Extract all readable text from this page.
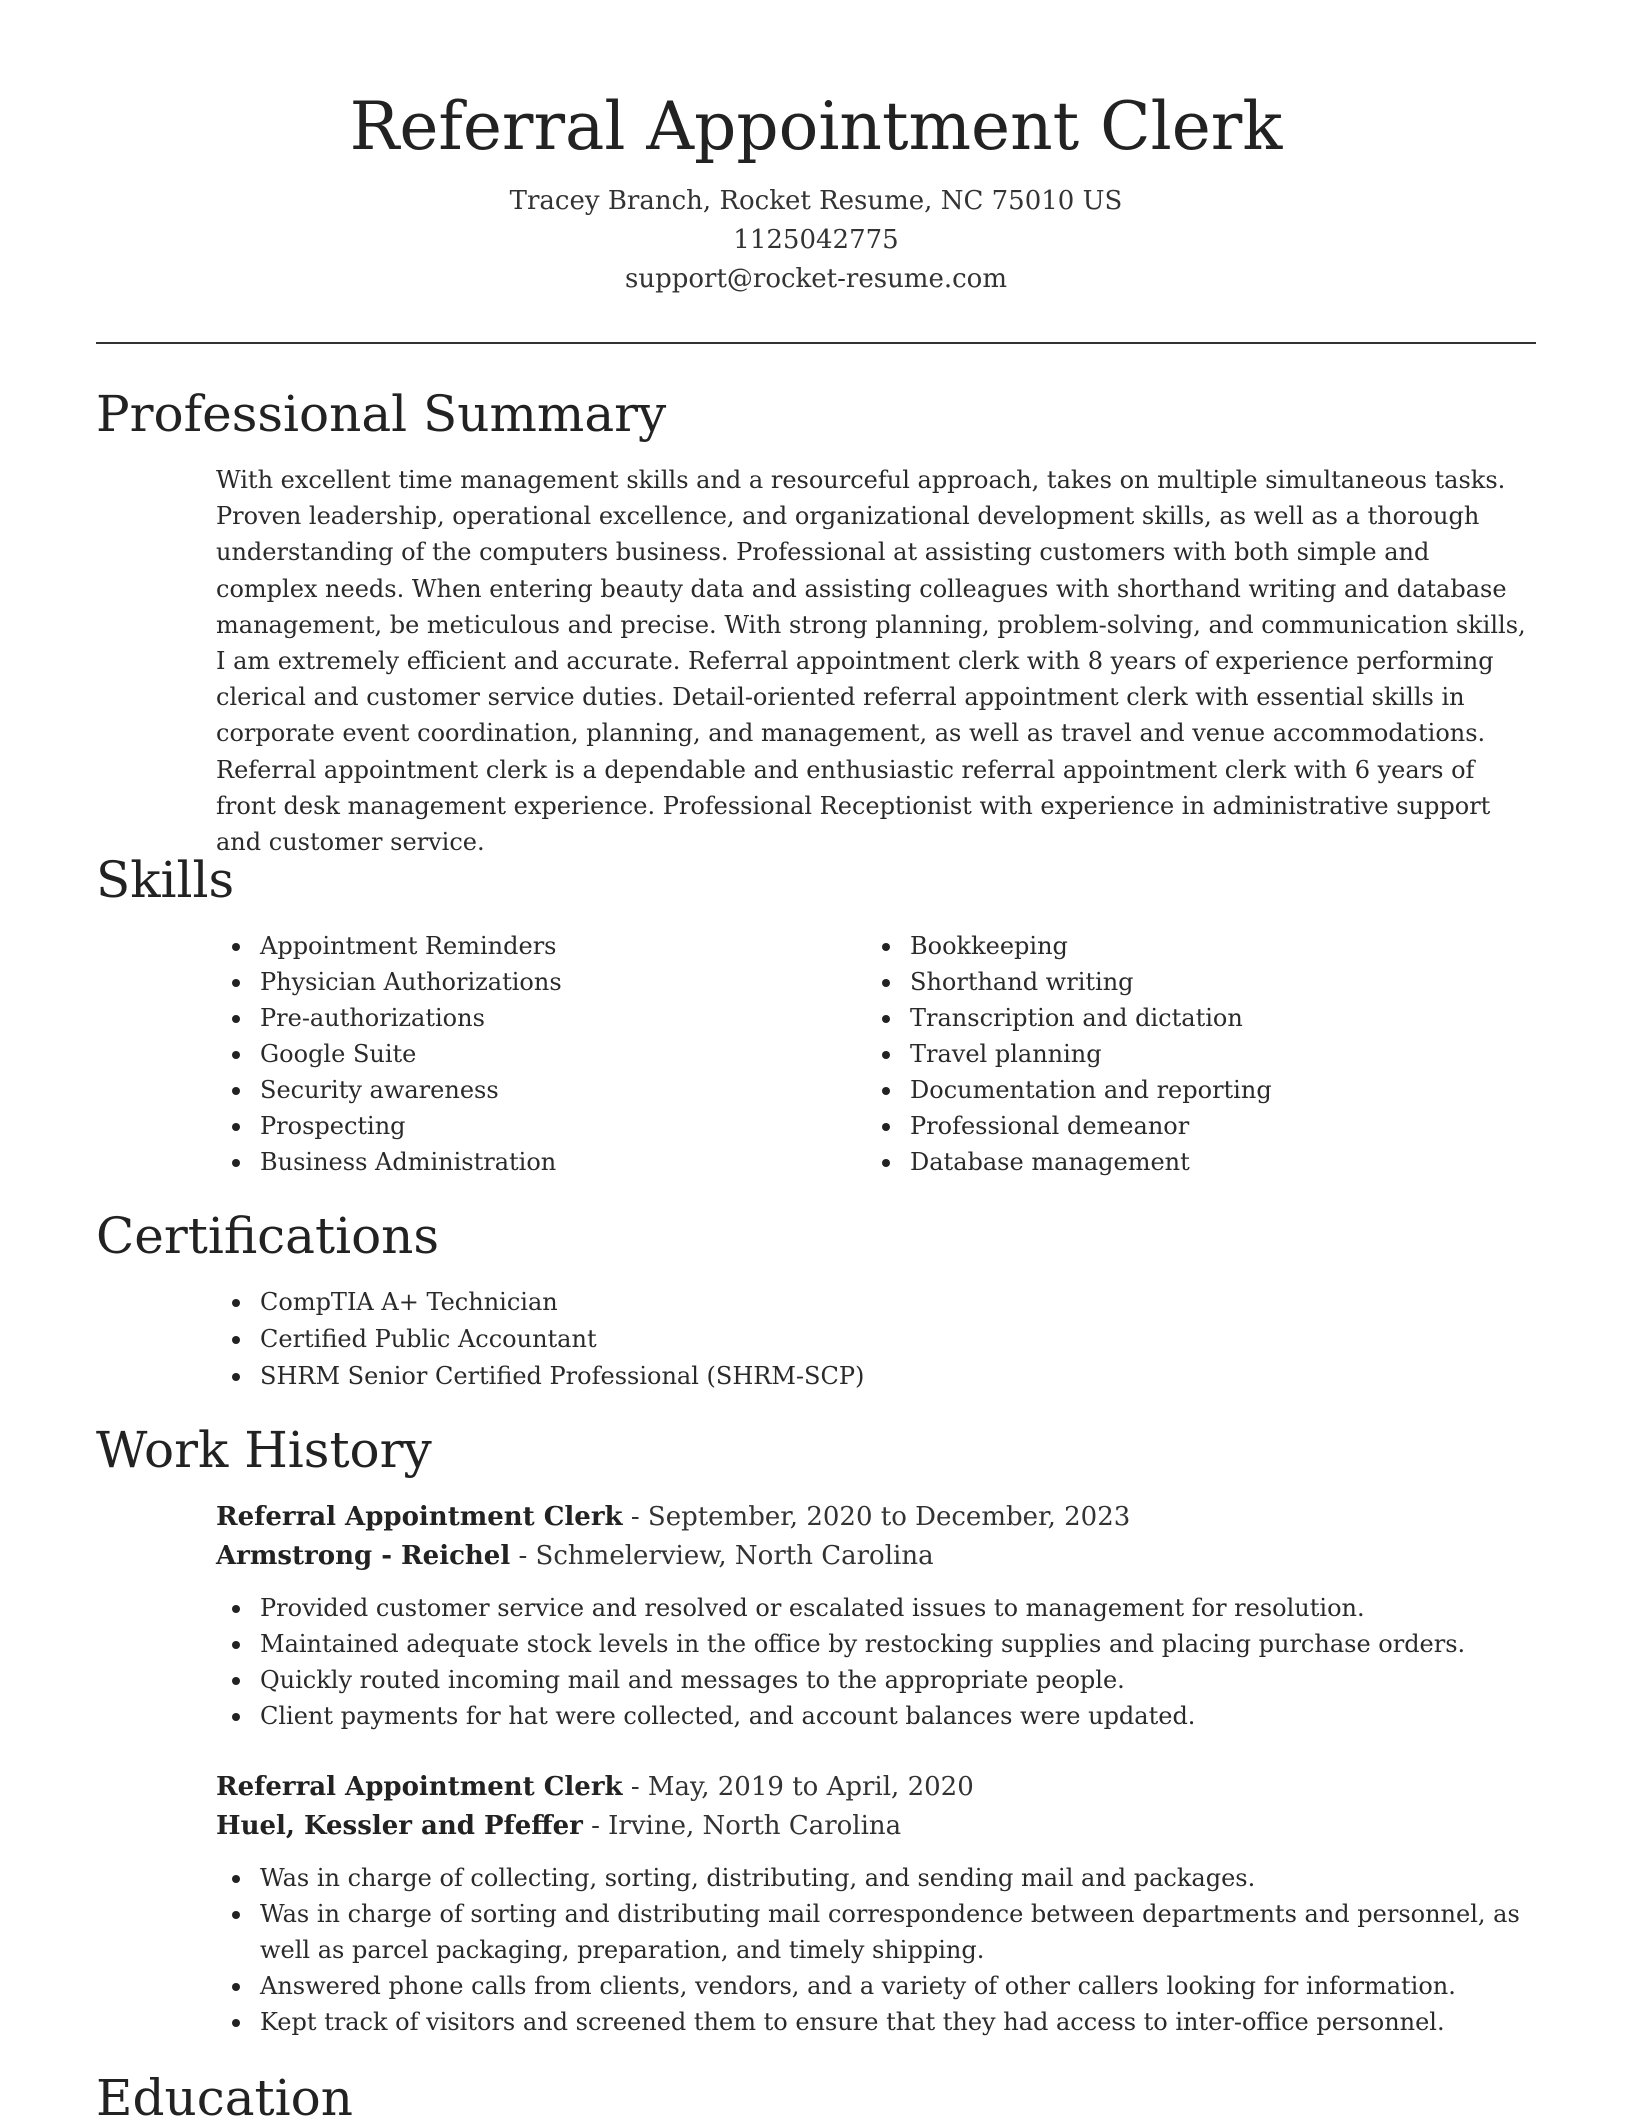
Referral Appointment Clerk
Tracey Branch, Rocket Resume, NC 75010 US
1125042775
support@rocket-resume.com
Professional Summary

With excellent time management skills and a resourceful approach, takes on multiple simultaneous tasks. Proven leadership, operational excellence, and organizational development skills, as well as a thorough understanding of the computers business. Professional at assisting customers with both simple and complex needs. When entering beauty data and assisting colleagues with shorthand writing and database management, be meticulous and precise. With strong planning, problem-solving, and communication skills, I am extremely efficient and accurate. Referral appointment clerk with 8 years of experience performing clerical and customer service duties. Detail-oriented referral appointment clerk with essential skills in corporate event coordination, planning, and management, as well as travel and venue accommodations. Referral appointment clerk is a dependable and enthusiastic referral appointment clerk with 6 years of front desk management experience. Professional Receptionist with experience in administrative support and customer service.

Skills
Appointment Reminders
Physician Authorizations
Pre-authorizations
Google Suite
Security awareness
Prospecting
Business Administration
Bookkeeping
Shorthand writing
Transcription and dictation
Travel planning
Documentation and reporting
Professional demeanor
Database management
Certifications
CompTIA A+ Technician
Certified Public Accountant
SHRM Senior Certified Professional (SHRM-SCP)
Work History
Referral Appointment Clerk - September, 2020 to December, 2023
Armstrong - Reichel - Schmelerview, North Carolina
Provided customer service and resolved or escalated issues to management for resolution.
Maintained adequate stock levels in the office by restocking supplies and placing purchase orders.
Quickly routed incoming mail and messages to the appropriate people.
Client payments for hat were collected, and account balances were updated.
Referral Appointment Clerk - May, 2019 to April, 2020
Huel, Kessler and Pfeffer - Irvine, North Carolina
Was in charge of collecting, sorting, distributing, and sending mail and packages.
Was in charge of sorting and distributing mail correspondence between departments and personnel, as well as parcel packaging, preparation, and timely shipping.
Answered phone calls from clients, vendors, and a variety of other callers looking for information.
Kept track of visitors and screened them to ensure that they had access to inter-office personnel.
Education
